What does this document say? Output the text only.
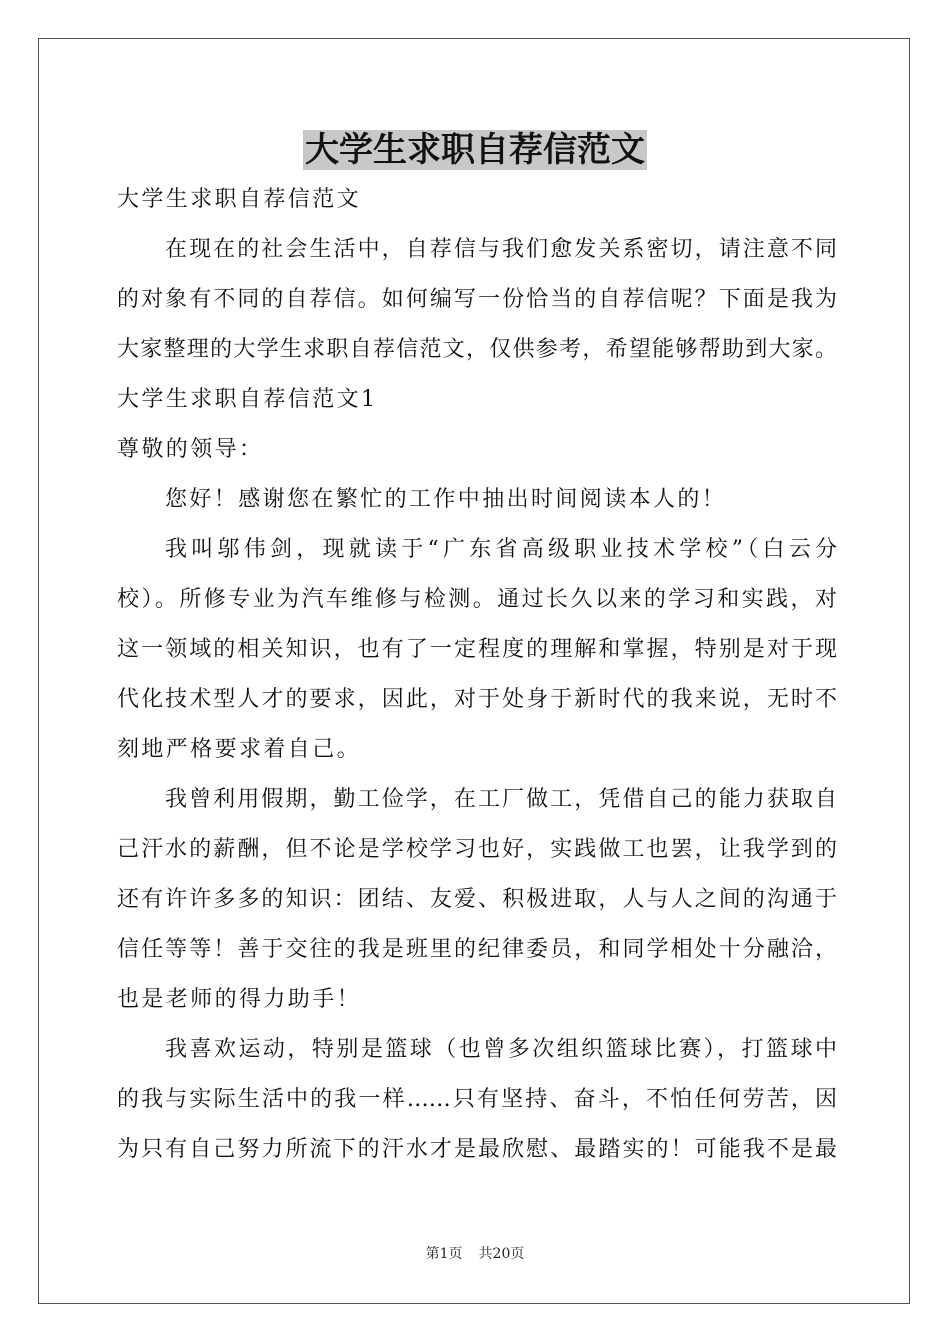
大学生求职自荐信范文
大学生求职自荐信范文
在现在的社会生活中，自荐信与我们愈发关系密切，请注意不同
的对象有不同的自荐信。如何编写一份恰当的自荐信呢？下面是我为
大家整理的大学生求职自荐信范文，仅供参考，希望能够帮助到大家。
大学生求职自荐信范文1
尊敬的领导：
您好！感谢您在繁忙的工作中抽出时间阅读本人的！
我叫邬伟剑，现就读于“广东省高级职业技术学校”（白云分
校）。所修专业为汽车维修与检测。通过长久以来的学习和实践，对
这一领域的相关知识，也有了一定程度的理解和掌握，特别是对于现
代化技术型人才的要求，因此，对于处身于新时代的我来说，无时不
刻地严格要求着自己。
我曾利用假期，勤工俭学，在工厂做工，凭借自己的能力获取自
己汗水的薪酬，但不论是学校学习也好，实践做工也罢，让我学到的
还有许许多多的知识：团结、友爱、积极进取，人与人之间的沟通于
信任等等！善于交往的我是班里的纪律委员，和同学相处十分融洽，
也是老师的得力助手！
我喜欢运动，特别是篮球（也曾多次组织篮球比赛），打篮球中
的我与实际生活中的我一样……只有坚持、奋斗，不怕任何劳苦，因
为只有自己努力所流下的汗水才是最欣慰、最踏实的！可能我不是最
第1页 共20页
